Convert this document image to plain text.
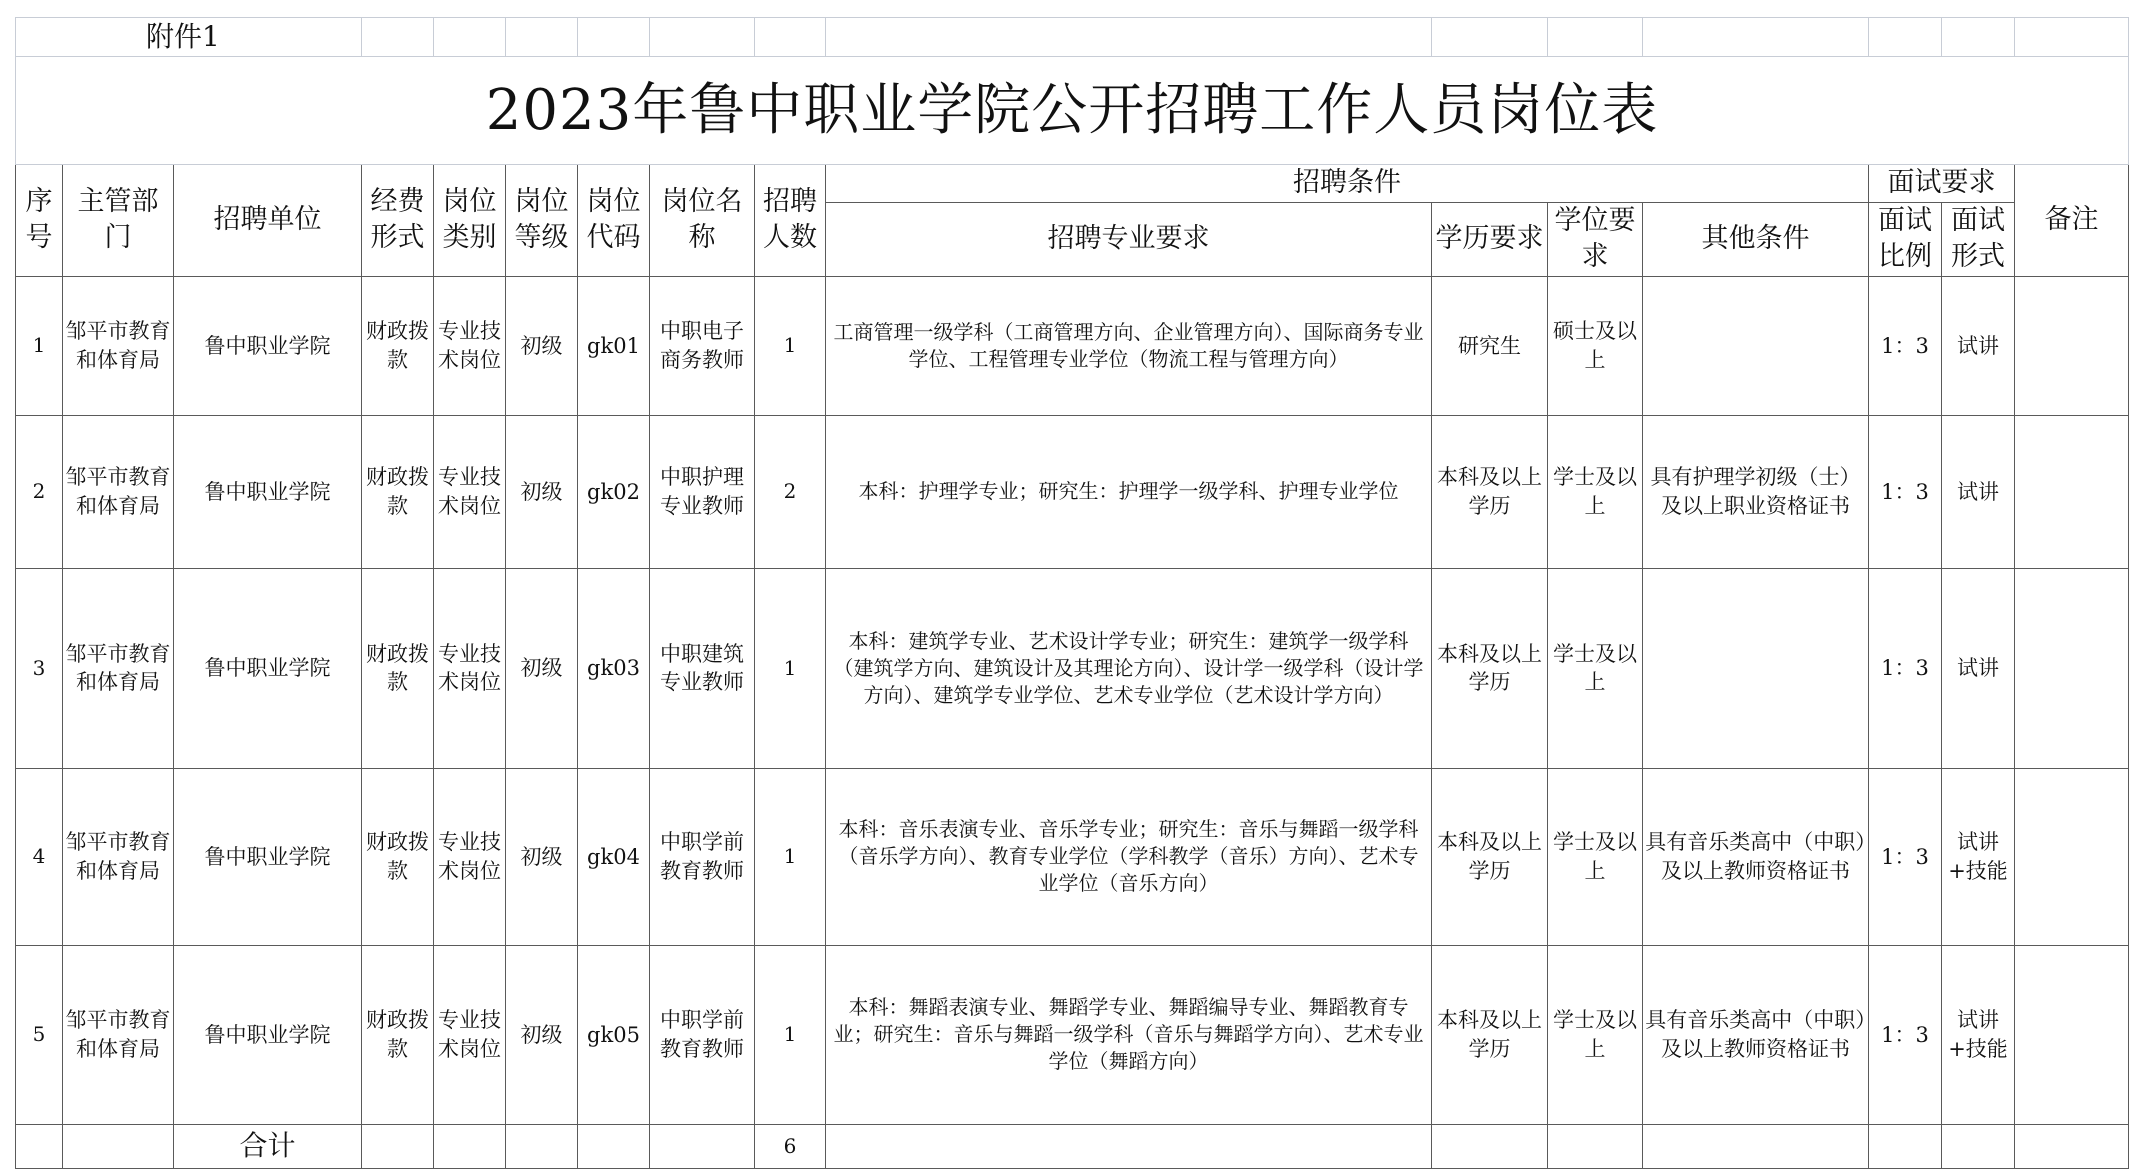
附件1															
2023年鲁中职业学院公开招聘工作人员岗位表															
序号	主管部门	招聘单位	经费形式	岗位类别	岗位等级	岗位代码	岗位名称	招聘人数	招聘条件				面试要求		备注
									招聘专业要求	学历要求	学位要求	其他条件	面试比例	面试形式	
1	邹平市教育和体育局	鲁中职业学院	财政拨款	专业技术岗位	初级	gk01	中职电子商务教师	1	工商管理一级学科（工商管理方向、企业管理方向）、国际商务专业学位、工程管理专业学位（物流工程与管理方向）	研究生	硕士及以上		1：3	试讲	
2	邹平市教育和体育局	鲁中职业学院	财政拨款	专业技术岗位	初级	gk02	中职护理专业教师	2	本科：护理学专业；研究生：护理学一级学科、护理专业学位	本科及以上学历	学士及以上	具有护理学初级（士）及以上职业资格证书	1：3	试讲	
3	邹平市教育和体育局	鲁中职业学院	财政拨款	专业技术岗位	初级	gk03	中职建筑专业教师	1	本科：建筑学专业、艺术设计学专业；研究生：建筑学一级学科（建筑学方向、建筑设计及其理论方向）、设计学一级学科（设计学方向）、建筑学专业学位、艺术专业学位（艺术设计学方向）	本科及以上学历	学士及以上		1：3	试讲	
4	邹平市教育和体育局	鲁中职业学院	财政拨款	专业技术岗位	初级	gk04	中职学前教育教师	1	本科：音乐表演专业、音乐学专业；研究生：音乐与舞蹈一级学科（音乐学方向）、教育专业学位（学科教学（音乐）方向）、艺术专业学位（音乐方向）	本科及以上学历	学士及以上	具有音乐类高中（中职）及以上教师资格证书	1：3	试讲+技能	
5	邹平市教育和体育局	鲁中职业学院	财政拨款	专业技术岗位	初级	gk05	中职学前教育教师	1	本科：舞蹈表演专业、舞蹈学专业、舞蹈编导专业、舞蹈教育专业；研究生：音乐与舞蹈一级学科（音乐与舞蹈学方向）、艺术专业学位（舞蹈方向）	本科及以上学历	学士及以上	具有音乐类高中（中职）及以上教师资格证书	1：3	试讲+技能	
		合计						6							
